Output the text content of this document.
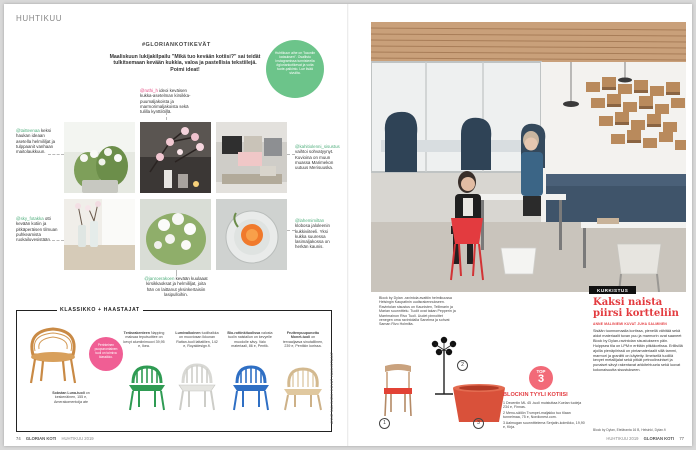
HUHTIKUU
#GLORIANKOTIKEVÄT
Maaliskuun lukijakilpailu "Mikä tuo kevään kotiisi?" sai teidät tulkitsemaan kevään kukkia, valoa ja pastellisia tekstiilejä. Poimi ideat!
Huhtikuun aihe on "kauniin katauksen". Osallistu Instagramissa tunnisteella #gloriankotikevat ja voita tuote-palkinto. Lue lisää sivuilta.
@ruthi_h ideoi keväisen kukka-asetelman kirsikka-puumaljakoista ja marmorimaljakoista sekä tulilla kynttilöillä.
@taitteenaa keksi haukan ideaan asetella helmililjat ja tulppaanit vanhaan maitolaukkuun.
@kahitiolenni_sisustus vaihtoi sohvatyynyt. Kuvioina on muun muassa Marimekon uutuus Merisuuska.
@sky_fotakka otti kevään kotiin ja pitkäperäisen tilmuan puhkeamista ruokailuvesistään.
@lahemimiltan klobosa jaloleenin kukkiviiteeli. Yksi kukka suuressa lasimaljakossa on herkän kaunis.
@janroerakoen kevään kuulaaat kirsikkaoksat ja helmililjat, joita hän on laittanut yksinkertaisiin lasipulloihin.
KLASSIKKO + HAASTAJAT
Perinteinen puupunontainen tuoli on toimiva klassikko.
Sobstan Luna-tuoli on keskenäinen, 155 e, Amerakomentoija ate
Teräsrakenteen Napping maksaa teputsutitee on kevyt alumiinimuovi 39,95 e, Ikea.
Lumivalkoinen tuolihaikka on muoviosan Ikkunan Rattan-tuoli lattatilien, 142 e, Royaldesign.fi.
Bio-rottinkituolissa valosta tuolin naistailun on kevyelle muodolle sävy. Valo materiaali, 86 e, Pentik.
Fruttenpuupunottu Monet-tuoli on tervaaljaava sinutalllinen, 239 e, Pentikin korissa.
ANNE MALINIEMI KUVAT VALMISTAJAT
74 GLORIAN KOTI HUHTIKUU 2019
Block by Dylan -ravintola avattiin helmikuussa Helsingin Kaupatinin uudisrakennukseen. Ravintolan sisustus on Kaunisten, Tellimarin ja Marian suunnittelu. Tuolit ovat takan Pepperin ja Marrimainon Rivo Tuoli. Uudet pinnoittet venegen oma ravintolalla Sanelma ja sohvat Saman Rivo Holmilta.
KURKISTUS
Kaksi naista piirsi kortteliin
ANNE MALINIEMI KUVAT JUHA SALMINEN
Sisään tuonnomaalla kortissa, pienellä vähitää sekä aidot materiaalit tuvan puu ja marmorin ovat saaneet Block by Dylan-ravintolan sisustukseen päin. Huippsea tila on LPM:n erittäin pitkäkortissa. Erillisillä ajoilla pienäpiirissä on pintamateriaalit sillä tammi, marmori ja graniitti on käytetty. Ilmeisellä tuolillä kevyet metallijalat sekä pitkät petroolinsiniset ja punaiset sävyt rakentavat arkkitehtuuria sekä luovat kokonaisuutta sisustukseen.
1
2
3
TOP
3
BLOCKIN TYYLI KOTIISI
1 Decentin ML 45 -tuoli muistuttaa Kuelan tuoleja 234 e, Finnas.
2 Menu-säilön Trumpet-maljakko tuo tilaan tunnelmaa, 75 e, Nordicnest.com.
3 Aalmugan suunnittelema Serjatin-kolmikko, 19,90 e, Kirja.
Block by Dylan, Eteläranta 16 B, Helsinki, Dylan.fi
HUHTIKUU 2019 GLORIAN KOTI 77
